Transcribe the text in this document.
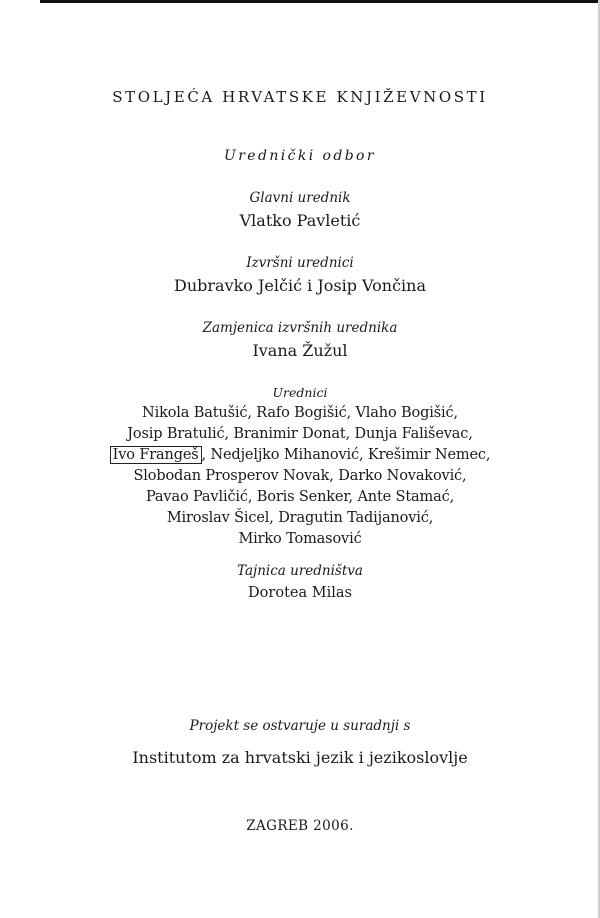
STOLJEĆA HRVATSKE KNJIŽEVNOSTI
Urednički odbor
Glavni urednik
Vlatko Pavletić
Izvršni urednici
Dubravko Jelčić i Josip Vončina
Zamjenica izvršnih urednika
Ivana Žužul
Urednici
Nikola Batušić, Rafo Bogišić, Vlaho Bogišić,
Josip Bratulić, Branimir Donat, Dunja Fališevac,
Ivo Frangeš , Nedjeljko Mihanović, Krešimir Nemec,
Slobodan Prosperov Novak, Darko Novaković,
Pavao Pavličić, Boris Senker, Ante Stamać,
Miroslav Šicel, Dragutin Tadijanović,
Mirko Tomasović
Tajnica uredništva
Dorotea Milas
Projekt se ostvaruje u suradnji s
Institutom za hrvatski jezik i jezikoslovlje
ZAGREB 2006.
